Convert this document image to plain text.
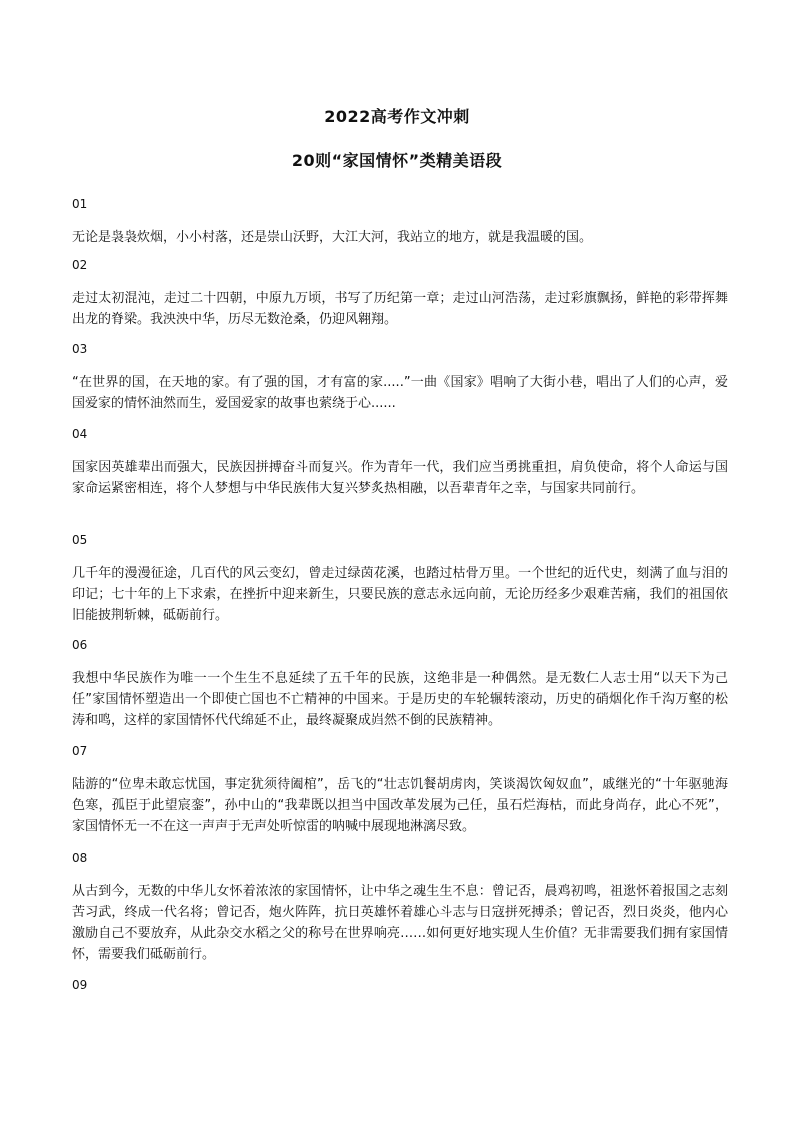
2022高考作文冲刺
20则“家国情怀”类精美语段

01

无论是袅袅炊烟，小小村落，还是崇山沃野，大江大河，我站立的地方，就是我温暖的国。

02

走过太初混沌，走过二十四朝，中原九万顷，书写了历纪第一章；走过山河浩荡，走过彩旗飘扬，鲜艳的彩带挥舞出龙的脊梁。我泱泱中华，历尽无数沧桑，仍迎风翱翔。

03

“在世界的国，在天地的家。有了强的国，才有富的家.....”一曲《国家》唱响了大街小巷，唱出了人们的心声，爱国爱家的情怀油然而生，爱国爱家的故事也萦绕于心......

04

国家因英雄辈出而强大，民族因拼搏奋斗而复兴。作为青年一代，我们应当勇挑重担，肩负使命，将个人命运与国家命运紧密相连，将个人梦想与中华民族伟大复兴梦炙热相融，以吾辈青年之幸，与国家共同前行。

05

几千年的漫漫征途，几百代的风云变幻，曾走过绿茵花溪，也踏过枯骨万里。一个世纪的近代史，刻满了血与泪的印记；七十年的上下求索，在挫折中迎来新生，只要民族的意志永远向前，无论历经多少艰难苦痛，我们的祖国依旧能披荆斩棘，砥砺前行。

06

我想中华民族作为唯一一个生生不息延续了五千年的民族，这绝非是一种偶然。是无数仁人志士用“以天下为己任”家国情怀塑造出一个即使亡国也不亡精神的中国来。于是历史的车轮辗转滚动，历史的硝烟化作千沟万壑的松涛和鸣，这样的家国情怀代代绵延不止，最终凝聚成岿然不倒的民族精神。

07

陆游的“位卑未敢忘忧国，事定犹须待阖棺”，岳飞的“壮志饥餐胡虏肉，笑谈渴饮匈奴血”，戚继光的“十年驱驰海色寒，孤臣于此望宸銮”，孙中山的“我辈既以担当中国改革发展为己任，虽石烂海枯，而此身尚存，此心不死”，家国情怀无一不在这一声声于无声处听惊雷的呐喊中展现地淋漓尽致。

08

从古到今，无数的中华儿女怀着浓浓的家国情怀，让中华之魂生生不息：曾记否，晨鸡初鸣，祖逖怀着报国之志刻苦习武，终成一代名将；曾记否，炮火阵阵，抗日英雄怀着雄心斗志与日寇拼死搏杀；曾记否，烈日炎炎，他内心激励自己不要放弃，从此杂交水稻之父的称号在世界响亮……如何更好地实现人生价值？无非需要我们拥有家国情怀，需要我们砥砺前行。

09
